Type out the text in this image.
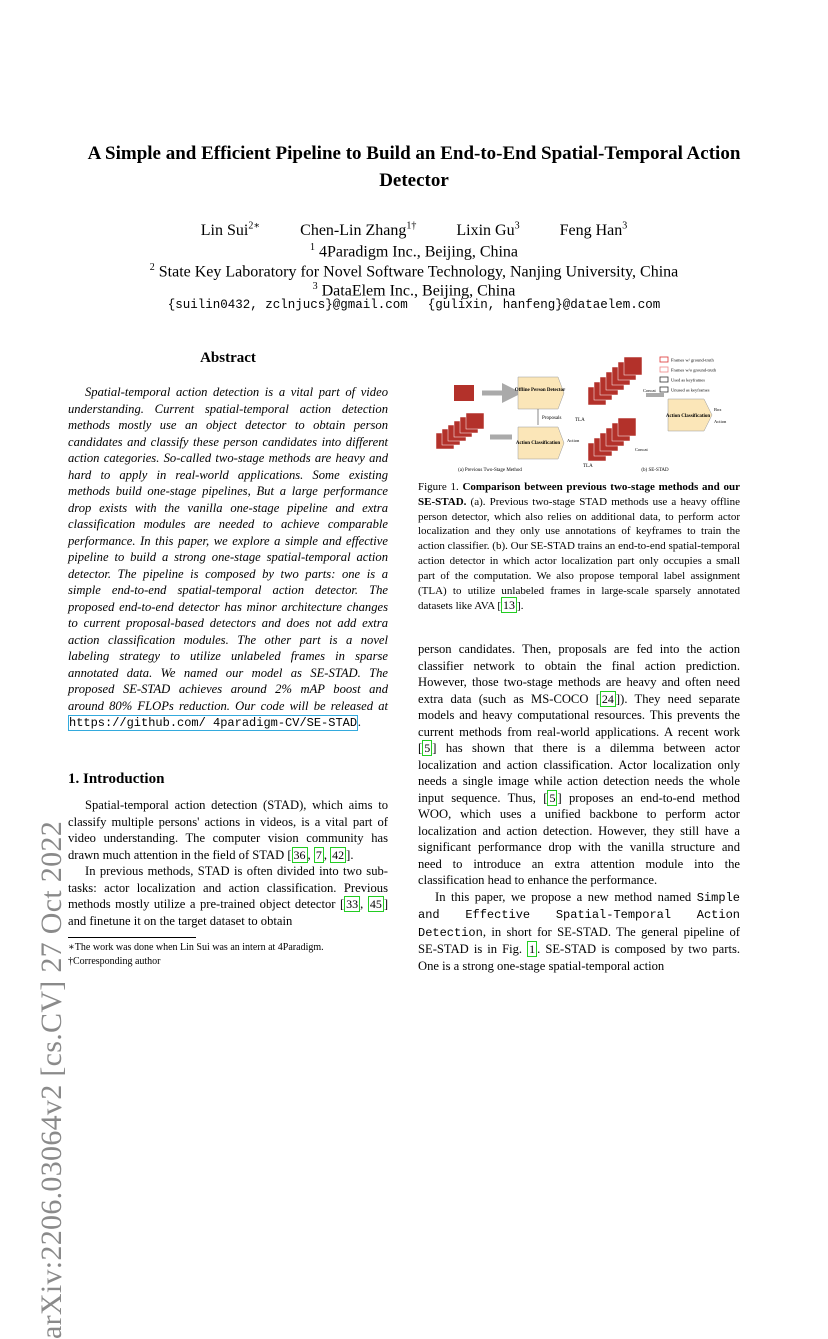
arXiv:2206.03064v2 [cs.CV] 27 Oct 2022
A Simple and Efficient Pipeline to Build an End-to-End Spatial-Temporal Action Detector
Lin Sui$^{2∗}$	Chen-Lin Zhang$^{1\dagger}$	Lixin Gu$^3$	Feng Han$^3$
$^1$ 4Paradigm Inc., Beijing, China
$^2$ State Key Laboratory for Novel Software Technology, Nanjing University, China
$^3$ DataElem Inc., Beijing, China
{suilin0432, zclnjucs}@gmail.com {gulixin, hanfeng}@dataelem.com
Abstract

Spatial-temporal action detection is a vital part of video understanding. Current spatial-temporal action detection methods mostly use an object detector to obtain person candidates and classify these person candidates into different action categories. So-called two-stage methods are heavy and hard to apply in real-world applications. Some existing methods build one-stage pipelines, But a large performance drop exists with the vanilla one-stage pipeline and extra classification modules are needed to achieve comparable performance. In this paper, we explore a simple and effective pipeline to build a strong one-stage spatial-temporal action detector. The pipeline is composed by two parts: one is a simple end-to-end spatial-temporal action detector. The proposed end-to-end detector has minor architecture changes to current proposal-based detectors and does not add extra action classification modules. The other part is a novel labeling strategy to utilize unlabeled frames in sparse annotated data. We named our model as SE-STAD. The proposed SE-STAD achieves around 2% mAP boost and around 80% FLOPs reduction. Our code will be released at https://github.com/ 4paradigm-CV/SE-STAD.

1. Introduction

Spatial-temporal action detection (STAD), which aims to classify multiple persons' actions in videos, is a vital part of video understanding. The computer vision community has drawn much attention in the field of STAD [ 36 , 7 , 42 ].

In previous methods, STAD is often divided into two sub-tasks: actor localization and action classification. Previous methods mostly utilize a pre-trained object detector [ 33 , 45 ] and finetune it on the target dataset to obtain

∗The work was done when Lin Sui was an intern at 4Paradigm.
†Corresponding author
Offline Person Detector
Proposals
Action Classification
Action
(a) Previous Two-Stage Method
TLA
TLA
Concat
Action Classification
Box
Action
Concat
(b) SE-STAD
Frames w/ ground-truth
Frames w/o ground-truth
Used as keyframes
Unused as keyframes
Figure 1. Comparison between previous two-stage methods and our SE-STAD. (a). Previous two-stage STAD methods use a heavy offline person detector, which also relies on additional data, to perform actor localization and they only use annotations of keyframes to train the action classifier. (b). Our SE-STAD trains an end-to-end spatial-temporal action detector in which actor localization part only occupies a small part of the computation. We also propose temporal label assignment (TLA) to utilize unlabeled frames in large-scale sparsely annotated datasets like AVA [ 13 ].

person candidates. Then, proposals are fed into the action classifier network to obtain the final action prediction. However, those two-stage methods are heavy and often need extra data (such as MS-COCO [ 24 ]). They need separate models and heavy computational resources. This prevents the current methods from real-world applications. A recent work [ 5 ] has shown that there is a dilemma between actor localization and action classification. Actor localization only needs a single image while action detection needs the whole input sequence. Thus, [ 5 ] proposes an end-to-end method WOO, which uses a unified backbone to perform actor localization and action detection. However, they still have a significant performance drop with the vanilla structure and need to introduce an extra attention module into the classification head to enhance the performance.

In this paper, we propose a new method named Simple and Effective Spatial-Temporal Action Detection, in short for SE-STAD. The general pipeline of SE-STAD is in Fig. 1 . SE-STAD is composed by two parts. One is a strong one-stage spatial-temporal action
